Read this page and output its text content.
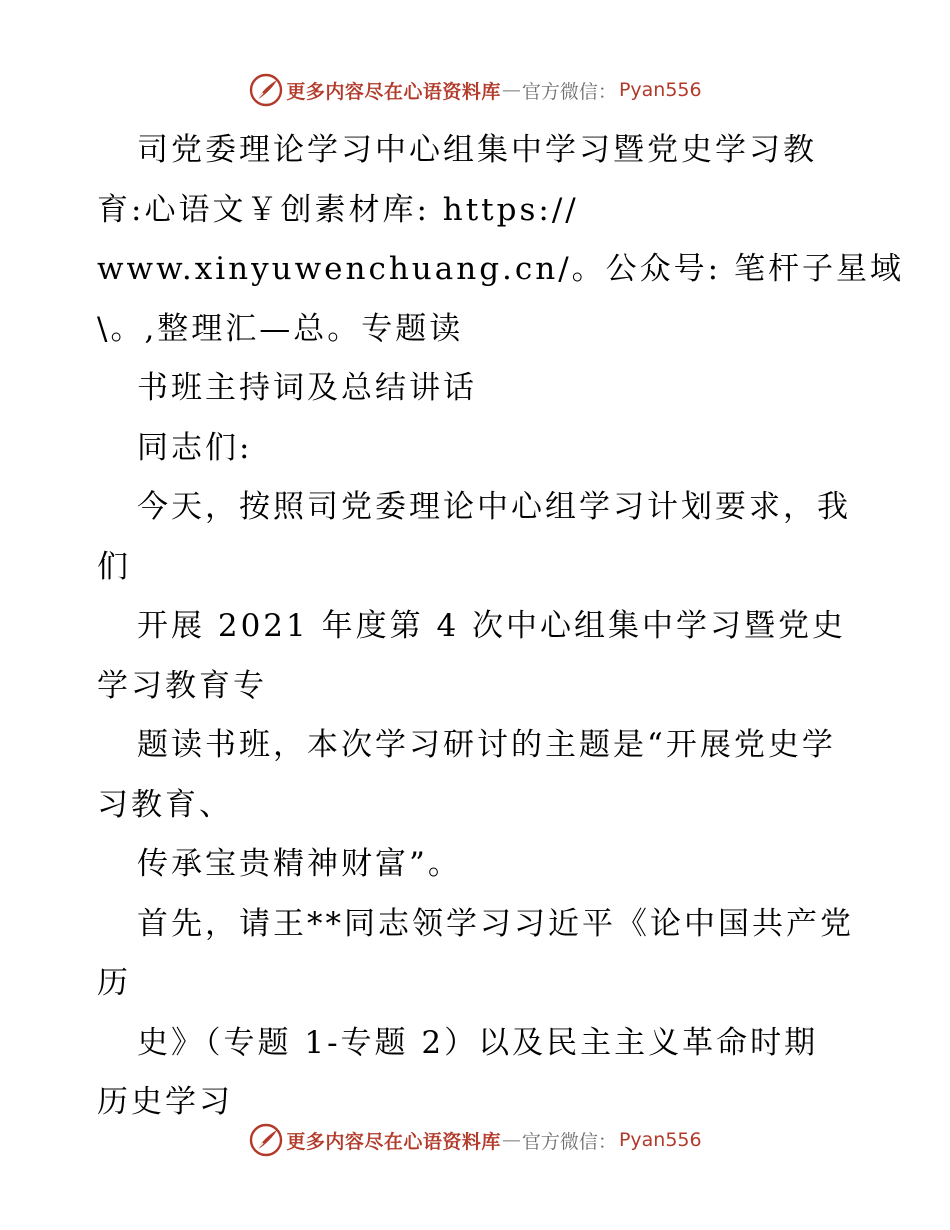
更多内容尽在心语资料库 — 官方微信： Pyan556
司党委理论学习中心组集中学习暨党史学习教
育:心语文￥创素材库: https://
www.xinyuwenchuang.cn/。公众号: 笔杆子星域
\。,整理汇—总。专题读
书班主持词及总结讲话
同志们:
今天，按照司党委理论中心组学习计划要求，我
们
开展 2021 年度第 4 次中心组集中学习暨党史
学习教育专
题读书班，本次学习研讨的主题是“开展党史学
习教育、
传承宝贵精神财富”。
首先，请王**同志领学习习近平《论中国共产党
历
史》（专题 1-专题 2）以及民主主义革命时期
历史学习
更多内容尽在心语资料库 — 官方微信： Pyan556
